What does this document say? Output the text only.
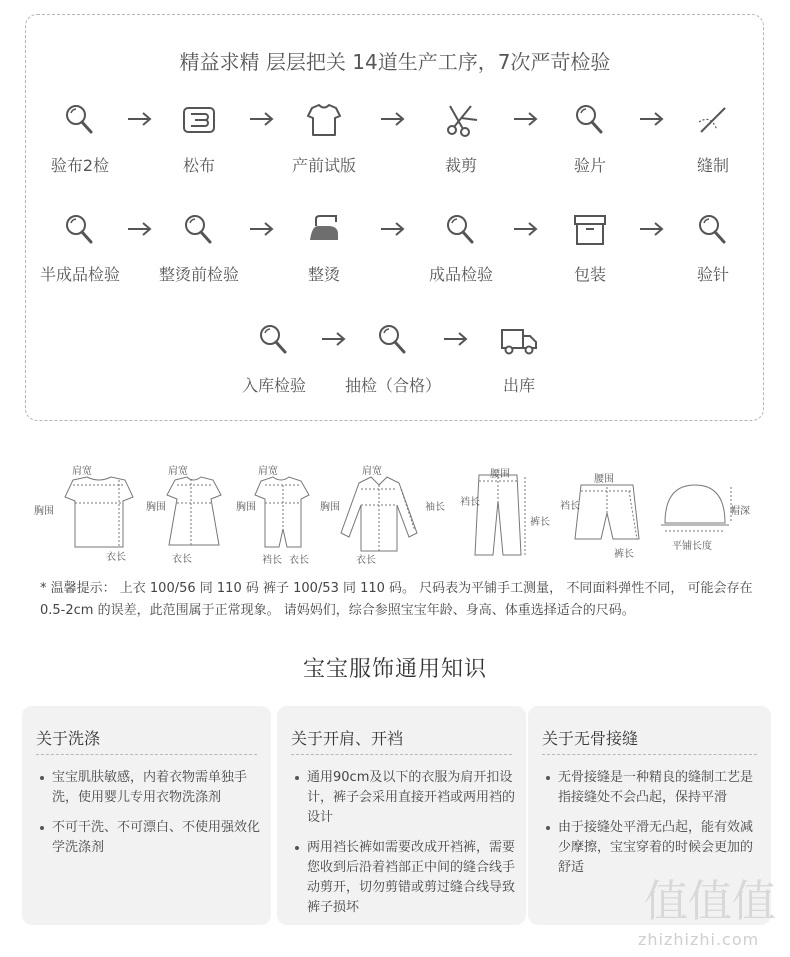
精益求精 层层把关 14道生产工序，7次严苛检验
验布2检	松布	产前试版	裁剪	验片	缝制
半成品检验	整烫前检验	整烫	成品检验	包装	验针
入库检验	抽检（合格）	出库
肩宽
胸围
衣长
肩宽
胸围
衣长
肩宽
胸围
裆长 衣长
肩宽
胸围	袖长
衣长
腰围
裆长
裤长
腰围
裆长
裤长
帽深
平铺长度
* 温馨提示： 上衣 100/56 同 110 码 裤子 100/53 同 110 码。 尺码表为平铺手工测量， 不同面料弹性不同， 可能会存在 0.5-2cm 的误差，此范围属于正常现象。 请妈妈们，综合参照宝宝年龄、身高、体重选择适合的尺码。
宝宝服饰通用知识
关于洗涤
宝宝肌肤敏感，内着衣物需单独手洗，使用婴儿专用衣物洗涤剂
不可干洗、不可漂白、不使用强效化学洗涤剂
关于开肩、开裆
通用90cm及以下的衣服为肩开扣设计，裤子会采用直接开裆或两用裆的设计
两用裆长裤如需要改成开裆裤，需要您收到后沿着裆部正中间的缝合线手动剪开，切勿剪错或剪过缝合线导致裤子损坏
关于无骨接缝
无骨接缝是一种精良的缝制工艺是指接缝处不会凸起，保持平滑
由于接缝处平滑无凸起，能有效减少摩擦，宝宝穿着的时候会更加的舒适
值值值
zhizhizhi.com
